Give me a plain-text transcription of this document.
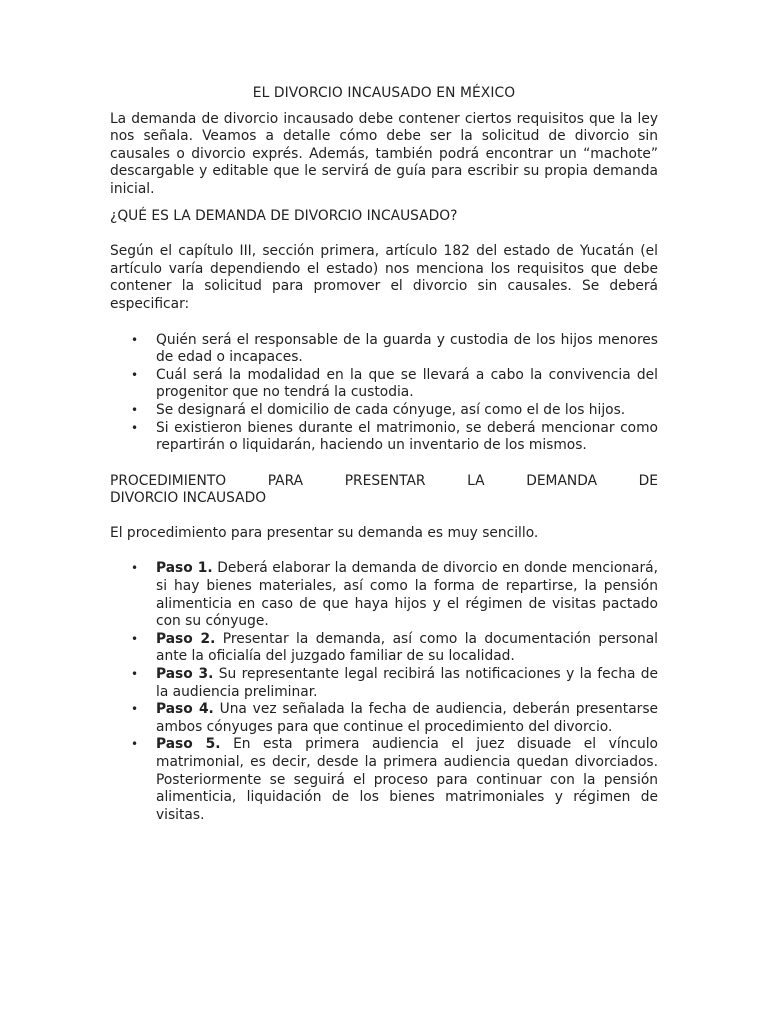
EL DIVORCIO INCAUSADO EN MÉXICO

La demanda de divorcio incausado debe contener ciertos requisitos que la ley nos señala. Veamos a detalle cómo debe ser la solicitud de divorcio sin causales o divorcio exprés. Además, también podrá encontrar un “machote” descargable y editable que le servirá de guía para escribir su propia demanda inicial.

¿QUÉ ES LA DEMANDA DE DIVORCIO INCAUSADO?

Según el capítulo III, sección primera, artículo 182 del estado de Yucatán (el artículo varía dependiendo el estado) nos menciona los requisitos que debe contener la solicitud para promover el divorcio sin causales. Se deberá especificar:

• Quién será el responsable de la guarda y custodia de los hijos menores de edad o incapaces.
• Cuál será la modalidad en la que se llevará a cabo la convivencia del progenitor que no tendrá la custodia.
• Se designará el domicilio de cada cónyuge, así como el de los hijos.
• Si existieron bienes durante el matrimonio, se deberá mencionar como repartirán o liquidarán, haciendo un inventario de los mismos.
PROCEDIMIENTO PARA PRESENTAR LA DEMANDA DE
DIVORCIO INCAUSADO

El procedimiento para presentar su demanda es muy sencillo.

• Paso 1. Deberá elaborar la demanda de divorcio en donde mencionará, si hay bienes materiales, así como la forma de repartirse, la pensión alimenticia en caso de que haya hijos y el régimen de visitas pactado con su cónyuge.
• Paso 2. Presentar la demanda, así como la documentación personal ante la oficialía del juzgado familiar de su localidad.
• Paso 3. Su representante legal recibirá las notificaciones y la fecha de la audiencia preliminar.
• Paso 4. Una vez señalada la fecha de audiencia, deberán presentarse ambos cónyuges para que continue el procedimiento del divorcio.
• Paso 5. En esta primera audiencia el juez disuade el vínculo matrimonial, es decir, desde la primera audiencia quedan divorciados. Posteriormente se seguirá el proceso para continuar con la pensión alimenticia, liquidación de los bienes matrimoniales y régimen de visitas.
